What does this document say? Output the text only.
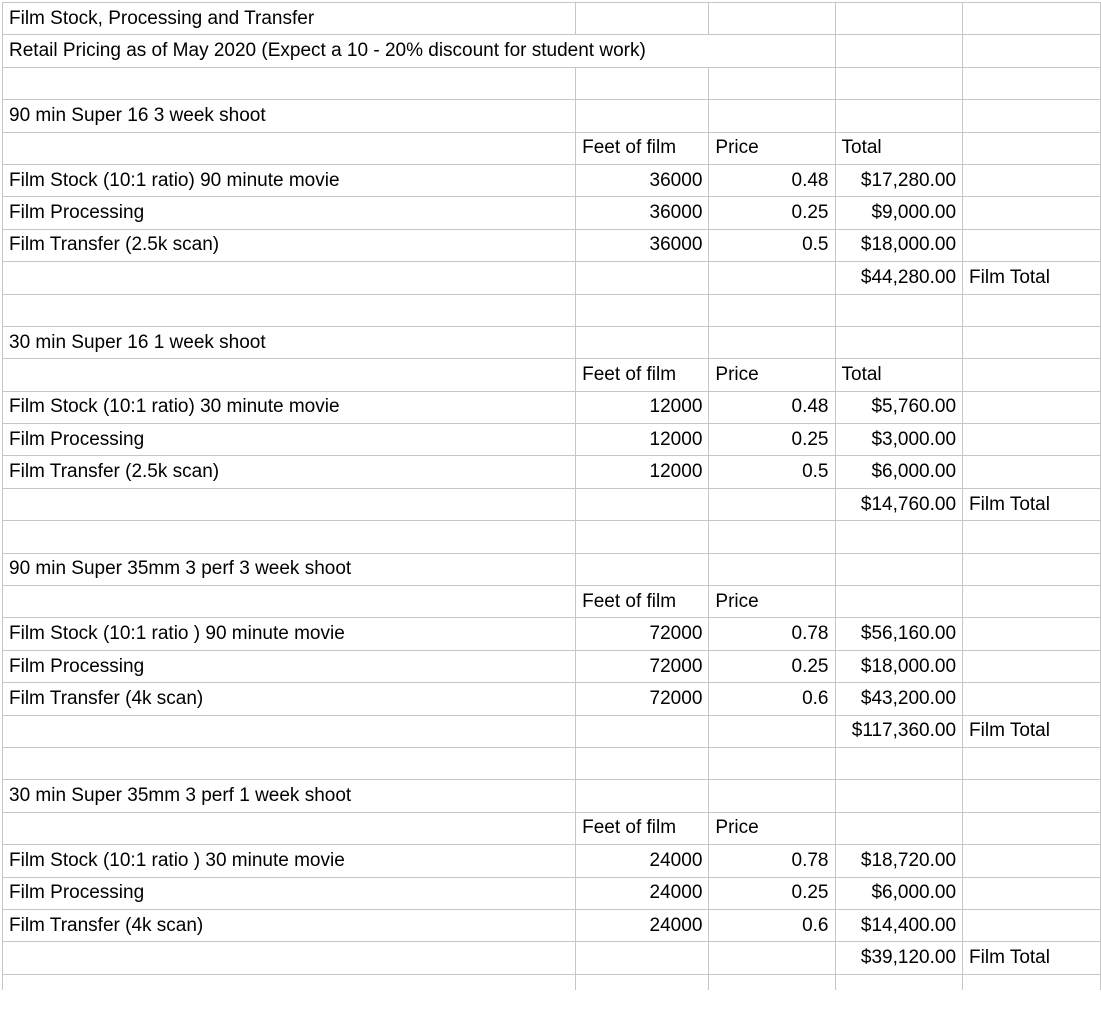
Film Stock, Processing and Transfer				
Retail Pricing as of May 2020 (Expect a 10 - 20% discount for student work)				

90 min Super 16 3 week shoot				
	Feet of film	Price	Total	
Film Stock (10:1 ratio) 90 minute movie	36000	0.48	$17,280.00	
Film Processing	36000	0.25	$9,000.00	
Film Transfer (2.5k scan)	36000	0.5	$18,000.00	
			$44,280.00	Film Total

30 min Super 16 1 week shoot				
	Feet of film	Price	Total	
Film Stock (10:1 ratio) 30 minute movie	12000	0.48	$5,760.00	
Film Processing	12000	0.25	$3,000.00	
Film Transfer (2.5k scan)	12000	0.5	$6,000.00	
			$14,760.00	Film Total

90 min Super 35mm 3 perf 3 week shoot				
	Feet of film	Price		
Film Stock (10:1 ratio ) 90 minute movie	72000	0.78	$56,160.00	
Film Processing	72000	0.25	$18,000.00	
Film Transfer (4k scan)	72000	0.6	$43,200.00	
			$117,360.00	Film Total

30 min Super 35mm 3 perf 1 week shoot				
	Feet of film	Price		
Film Stock (10:1 ratio ) 30 minute movie	24000	0.78	$18,720.00	
Film Processing	24000	0.25	$6,000.00	
Film Transfer (4k scan)	24000	0.6	$14,400.00	
			$39,120.00	Film Total
